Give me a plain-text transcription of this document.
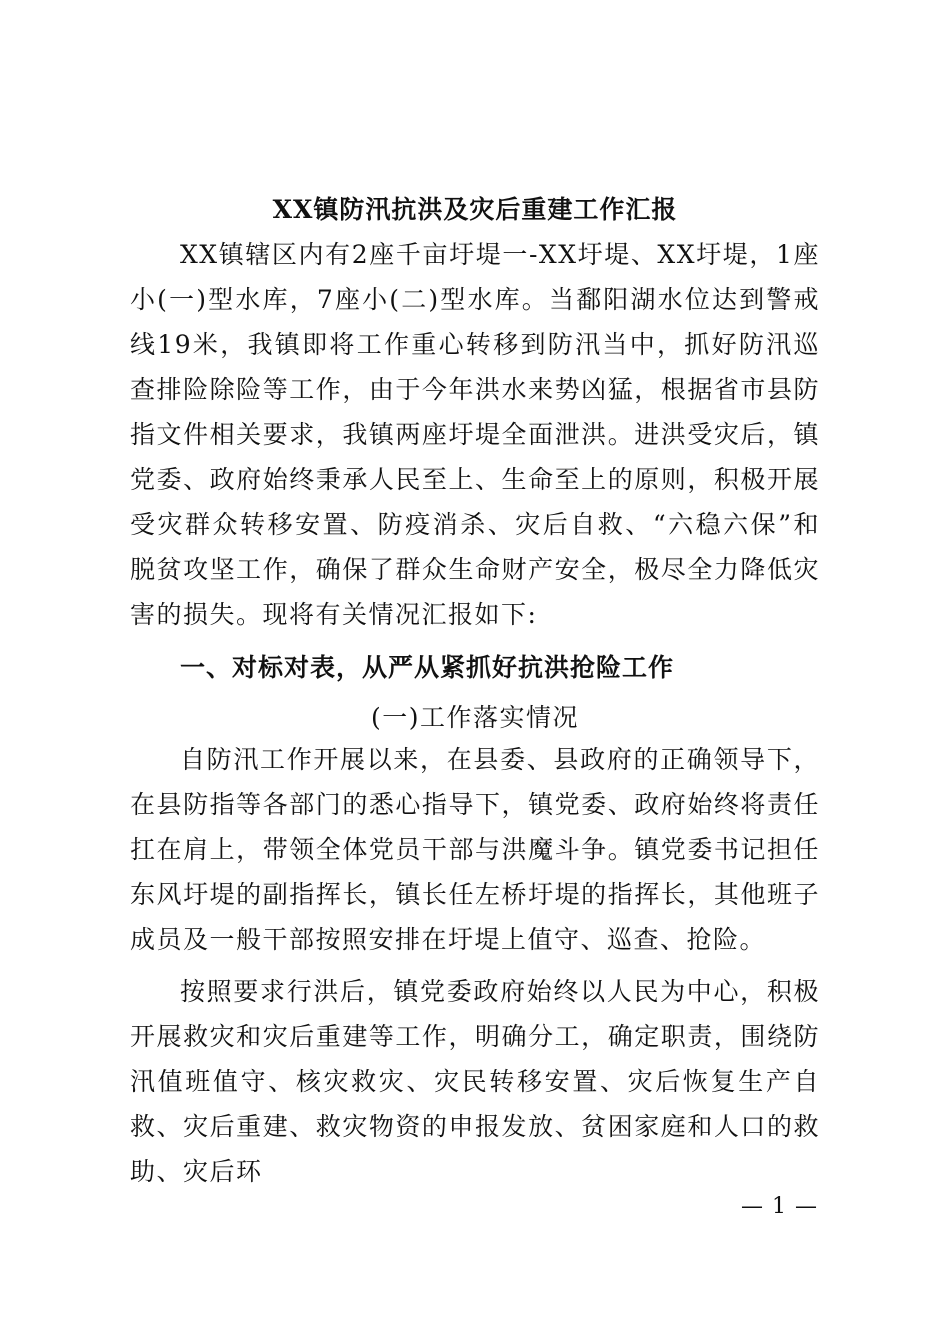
XX镇防汛抗洪及灾后重建工作汇报

XX镇辖区内有2座千亩圩堤一-XX圩堤、XX圩堤，1座小(一)型水库，7座小(二)型水库。当鄱阳湖水位达到警戒线19米，我镇即将工作重心转移到防汛当中，抓好防汛巡查排险除险等工作，由于今年洪水来势凶猛，根据省市县防指文件相关要求，我镇两座圩堤全面泄洪。进洪受灾后，镇党委、政府始终秉承人民至上、生命至上的原则，积极开展受灾群众转移安置、防疫消杀、灾后自救、“六稳六保”和脱贫攻坚工作，确保了群众生命财产安全，极尽全力降低灾害的损失。现将有关情况汇报如下:

一、对标对表，从严从紧抓好抗洪抢险工作
(一)工作落实情况

自防汛工作开展以来，在县委、县政府的正确领导下，在县防指等各部门的悉心指导下，镇党委、政府始终将责任扛在肩上，带领全体党员干部与洪魔斗争。镇党委书记担任东风圩堤的副指挥长，镇长任左桥圩堤的指挥长，其他班子成员及一般干部按照安排在圩堤上值守、巡查、抢险。

按照要求行洪后，镇党委政府始终以人民为中心，积极开展救灾和灾后重建等工作，明确分工，确定职责，围绕防汛值班值守、核灾救灾、灾民转移安置、灾后恢复生产自救、灾后重建、救灾物资的申报发放、贫困家庭和人口的救助、灾后环

— 1 —
